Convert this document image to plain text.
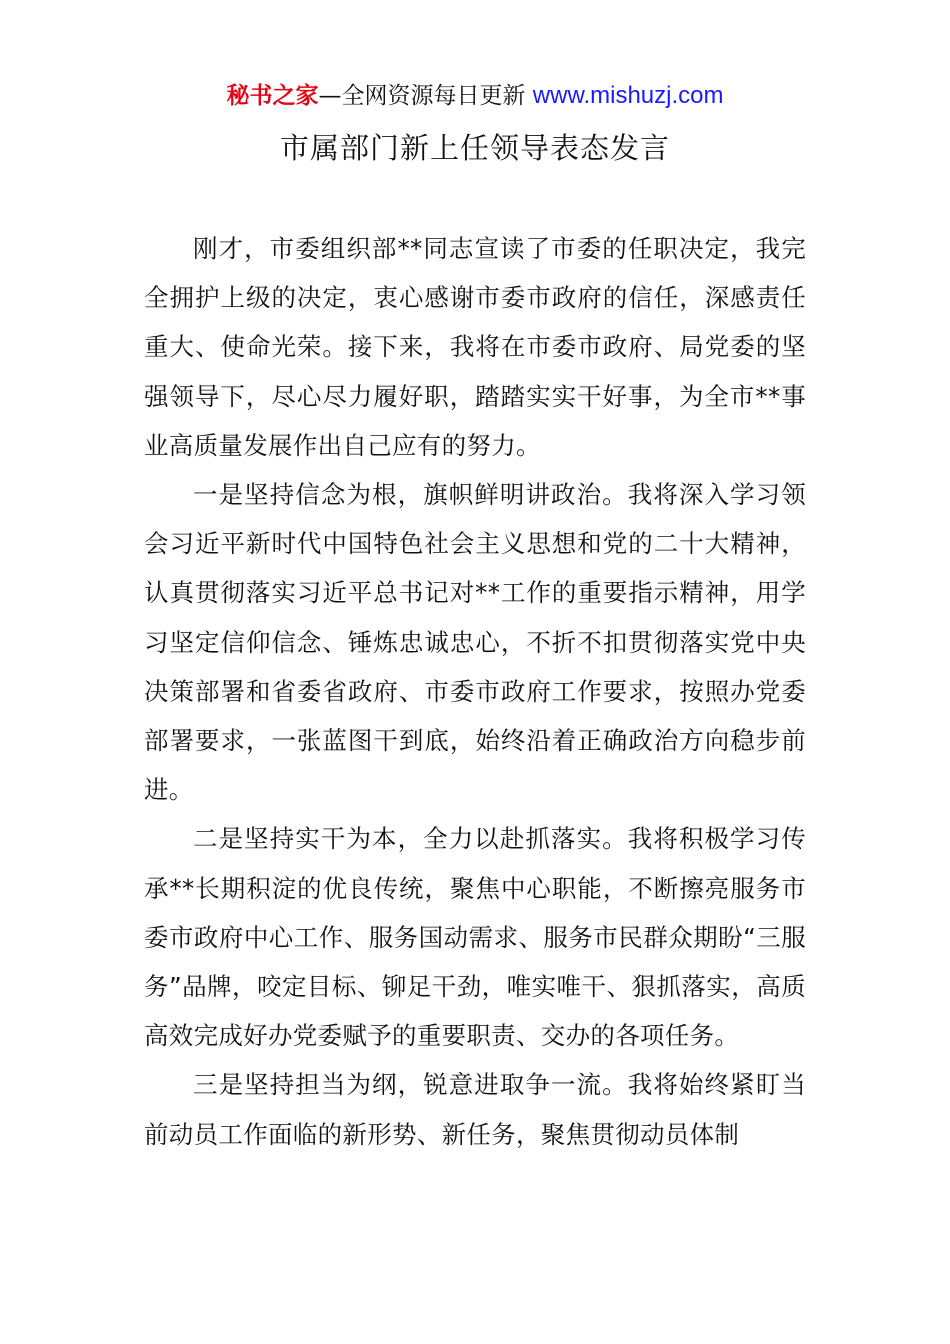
秘书之家—全网资源每日更新 www.mishuzj.com
市属部门新上任领导表态发言

刚才，市委组织部**同志宣读了市委的任职决定，我完全拥护上级的决定，衷心感谢市委市政府的信任，深感责任重大、使命光荣。接下来，我将在市委市政府、局党委的坚强领导下，尽心尽力履好职，踏踏实实干好事，为全市**事业高质量发展作出自己应有的努力。

一是坚持信念为根，旗帜鲜明讲政治。我将深入学习领会习近平新时代中国特色社会主义思想和党的二十大精神，认真贯彻落实习近平总书记对**工作的重要指示精神，用学习坚定信仰信念、锤炼忠诚忠心，不折不扣贯彻落实党中央决策部署和省委省政府、市委市政府工作要求，按照办党委部署要求，一张蓝图干到底，始终沿着正确政治方向稳步前进。

二是坚持实干为本，全力以赴抓落实。我将积极学习传承**长期积淀的优良传统，聚焦中心职能，不断擦亮服务市委市政府中心工作、服务国动需求、服务市民群众期盼“三服务”品牌，咬定目标、铆足干劲，唯实唯干、狠抓落实，高质高效完成好办党委赋予的重要职责、交办的各项任务。

三是坚持担当为纲，锐意进取争一流。我将始终紧盯当前动员工作面临的新形势、新任务，聚焦贯彻动员体制
